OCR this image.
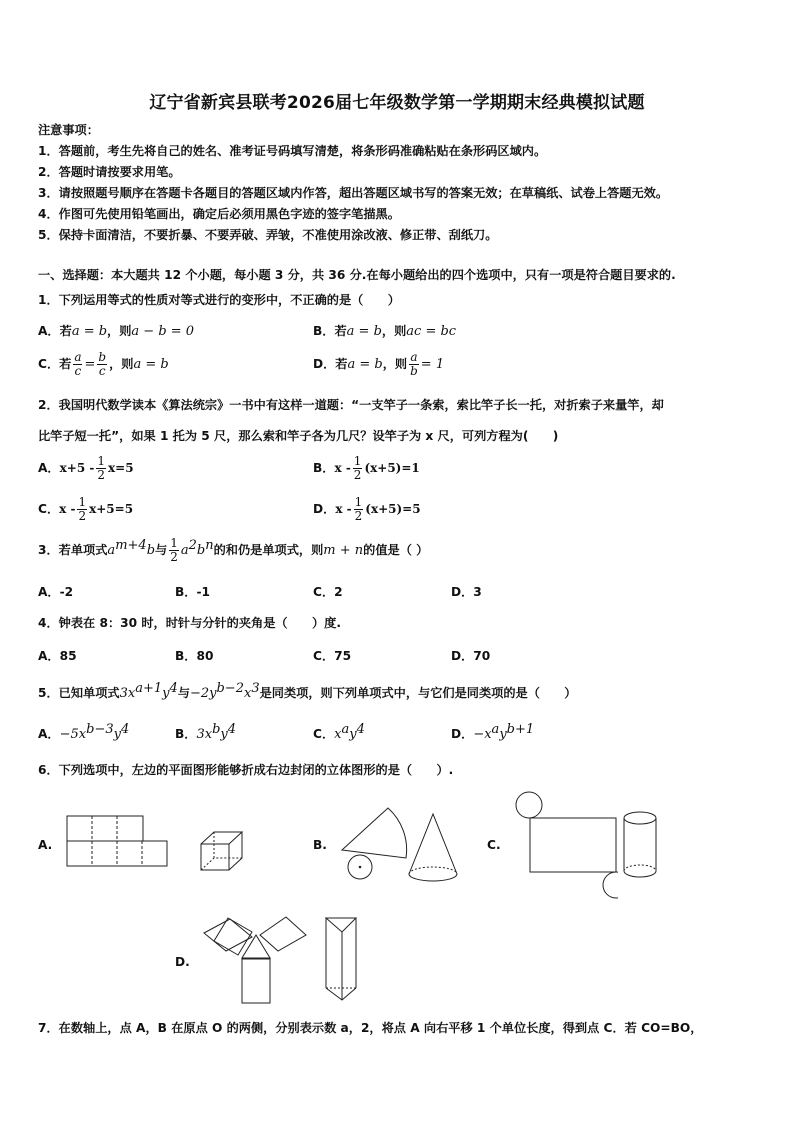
辽宁省新宾县联考2026届七年级数学第一学期期末经典模拟试题
注意事项：
1．答题前，考生先将自己的姓名、准考证号码填写清楚，将条形码准确粘贴在条形码区域内。
2．答题时请按要求用笔。
3．请按照题号顺序在答题卡各题目的答题区域内作答，超出答题区域书写的答案无效；在草稿纸、试卷上答题无效。
4．作图可先使用铅笔画出，确定后必须用黑色字迹的签字笔描黑。
5．保持卡面清洁，不要折暴、不要弄破、弄皱，不准使用涂改液、修正带、刮纸刀。
一、选择题：本大题共 12 个小题，每小题 3 分，共 36 分.在每小题给出的四个选项中，只有一项是符合题目要求的.
1．下列运用等式的性质对等式进行的变形中，不正确的是（　　）
A．若a = b，则a − b = 0	B．若a = b，则ac = bc
C．若 $\frac{a}{c} = \frac{b}{c}$ ，则a = b	D．若a = b，则 $\frac{a}{b} = 1$
2．我国明代数学读本《算法统宗》一书中有这样一道题：“一支竿子一条索，索比竿子长一托，对折索子来量竿，却
比竿子短一托”，如果 1 托为 5 尺，那么索和竿子各为几尺？设竿子为 x 尺，可列方程为(　　)
A．$x+5 - \frac{1}{2} x=5$	B．$x - \frac{1}{2} (x+5)=1$
C．$x - \frac{1}{2} x+5=5$	D．$x - \frac{1}{2} (x+5)=5$
3．若单项式$a^{m+4}b$与 $\frac{1}{2} a^2b^n$的和仍是单项式，则m + n的值是（ ）
A．-2	B．-1	C．2	D．3
4．钟表在 8：30 时，时针与分针的夹角是（　　）度.
A．85	B．80	C．75	D．70
5．已知单项式$3x^{a+1}y^4$与$-2y^{b-2}x^3$是同类项，则下列单项式中，与它们是同类项的是（　　）
A．$-5x^{b-3}y^4$	B．$3x^by^4$	C．$x^ay^4$	D．$-x^ay^{b+1}$
6．下列选项中，左边的平面图形能够折成右边封闭的立体图形的是（　　）.
A.	B.	C.
D.
7．在数轴上，点 A，B 在原点 O 的两侧，分别表示数 a，2，将点 A 向右平移 1 个单位长度，得到点 C．若 CO=BO，
